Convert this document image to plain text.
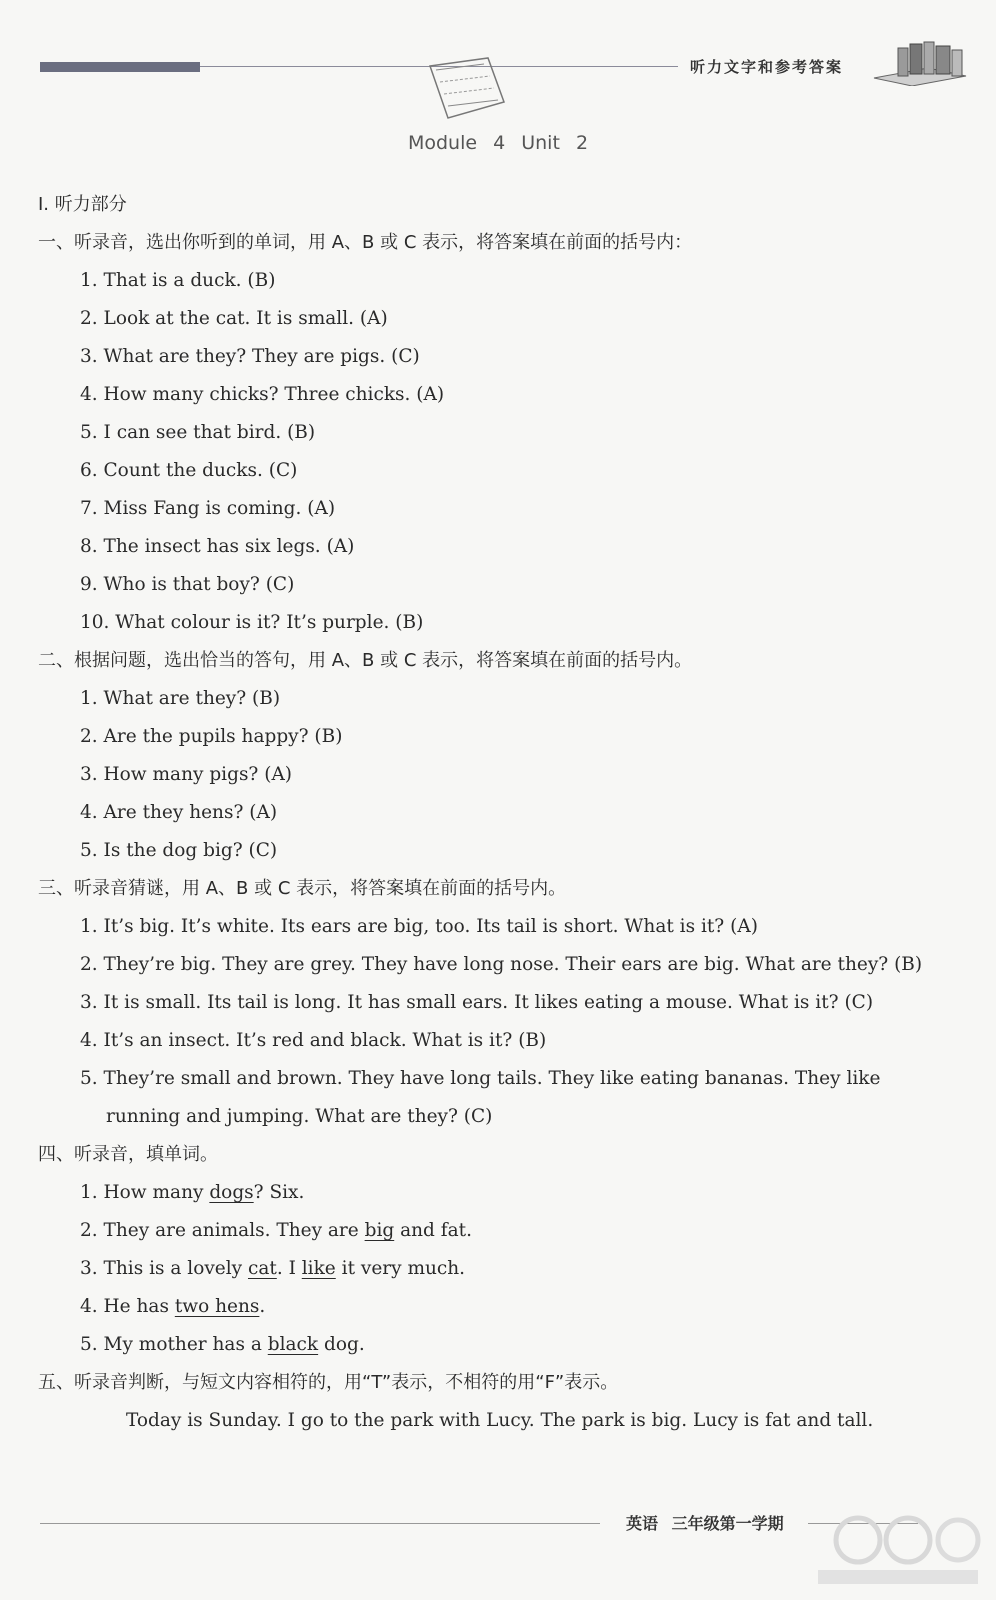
听力文字和参考答案
Module 4 Unit 2
Ⅰ. 听力部分
一、听录音，选出你听到的单词，用 A、B 或 C 表示，将答案填在前面的括号内：
1. That is a duck. (B)
2. Look at the cat. It is small. (A)
3. What are they? They are pigs. (C)
4. How many chicks? Three chicks. (A)
5. I can see that bird. (B)
6. Count the ducks. (C)
7. Miss Fang is coming. (A)
8. The insect has six legs. (A)
9. Who is that boy? (C)
10. What colour is it? It’s purple. (B)
二、根据问题，选出恰当的答句，用 A、B 或 C 表示，将答案填在前面的括号内。
1. What are they? (B)
2. Are the pupils happy? (B)
3. How many pigs? (A)
4. Are they hens? (A)
5. Is the dog big? (C)
三、听录音猜谜，用 A、B 或 C 表示，将答案填在前面的括号内。
1. It’s big. It’s white. Its ears are big, too. Its tail is short. What is it? (A)
2. They’re big. They are grey. They have long nose. Their ears are big. What are they? (B)
3. It is small. Its tail is long. It has small ears. It likes eating a mouse. What is it? (C)
4. It’s an insect. It’s red and black. What is it? (B)
5. They’re small and brown. They have long tails. They like eating bananas. They like running and jumping. What are they? (C)
四、听录音，填单词。
1. How many dogs? Six.
2. They are animals. They are big and fat.
3. This is a lovely cat. I like it very much.
4. He has two hens.
5. My mother has a black dog.
五、听录音判断，与短文内容相符的，用“T”表示，不相符的用“F”表示。
Today is Sunday. I go to the park with Lucy. The park is big. Lucy is fat and tall.
英语 三年级第一学期
